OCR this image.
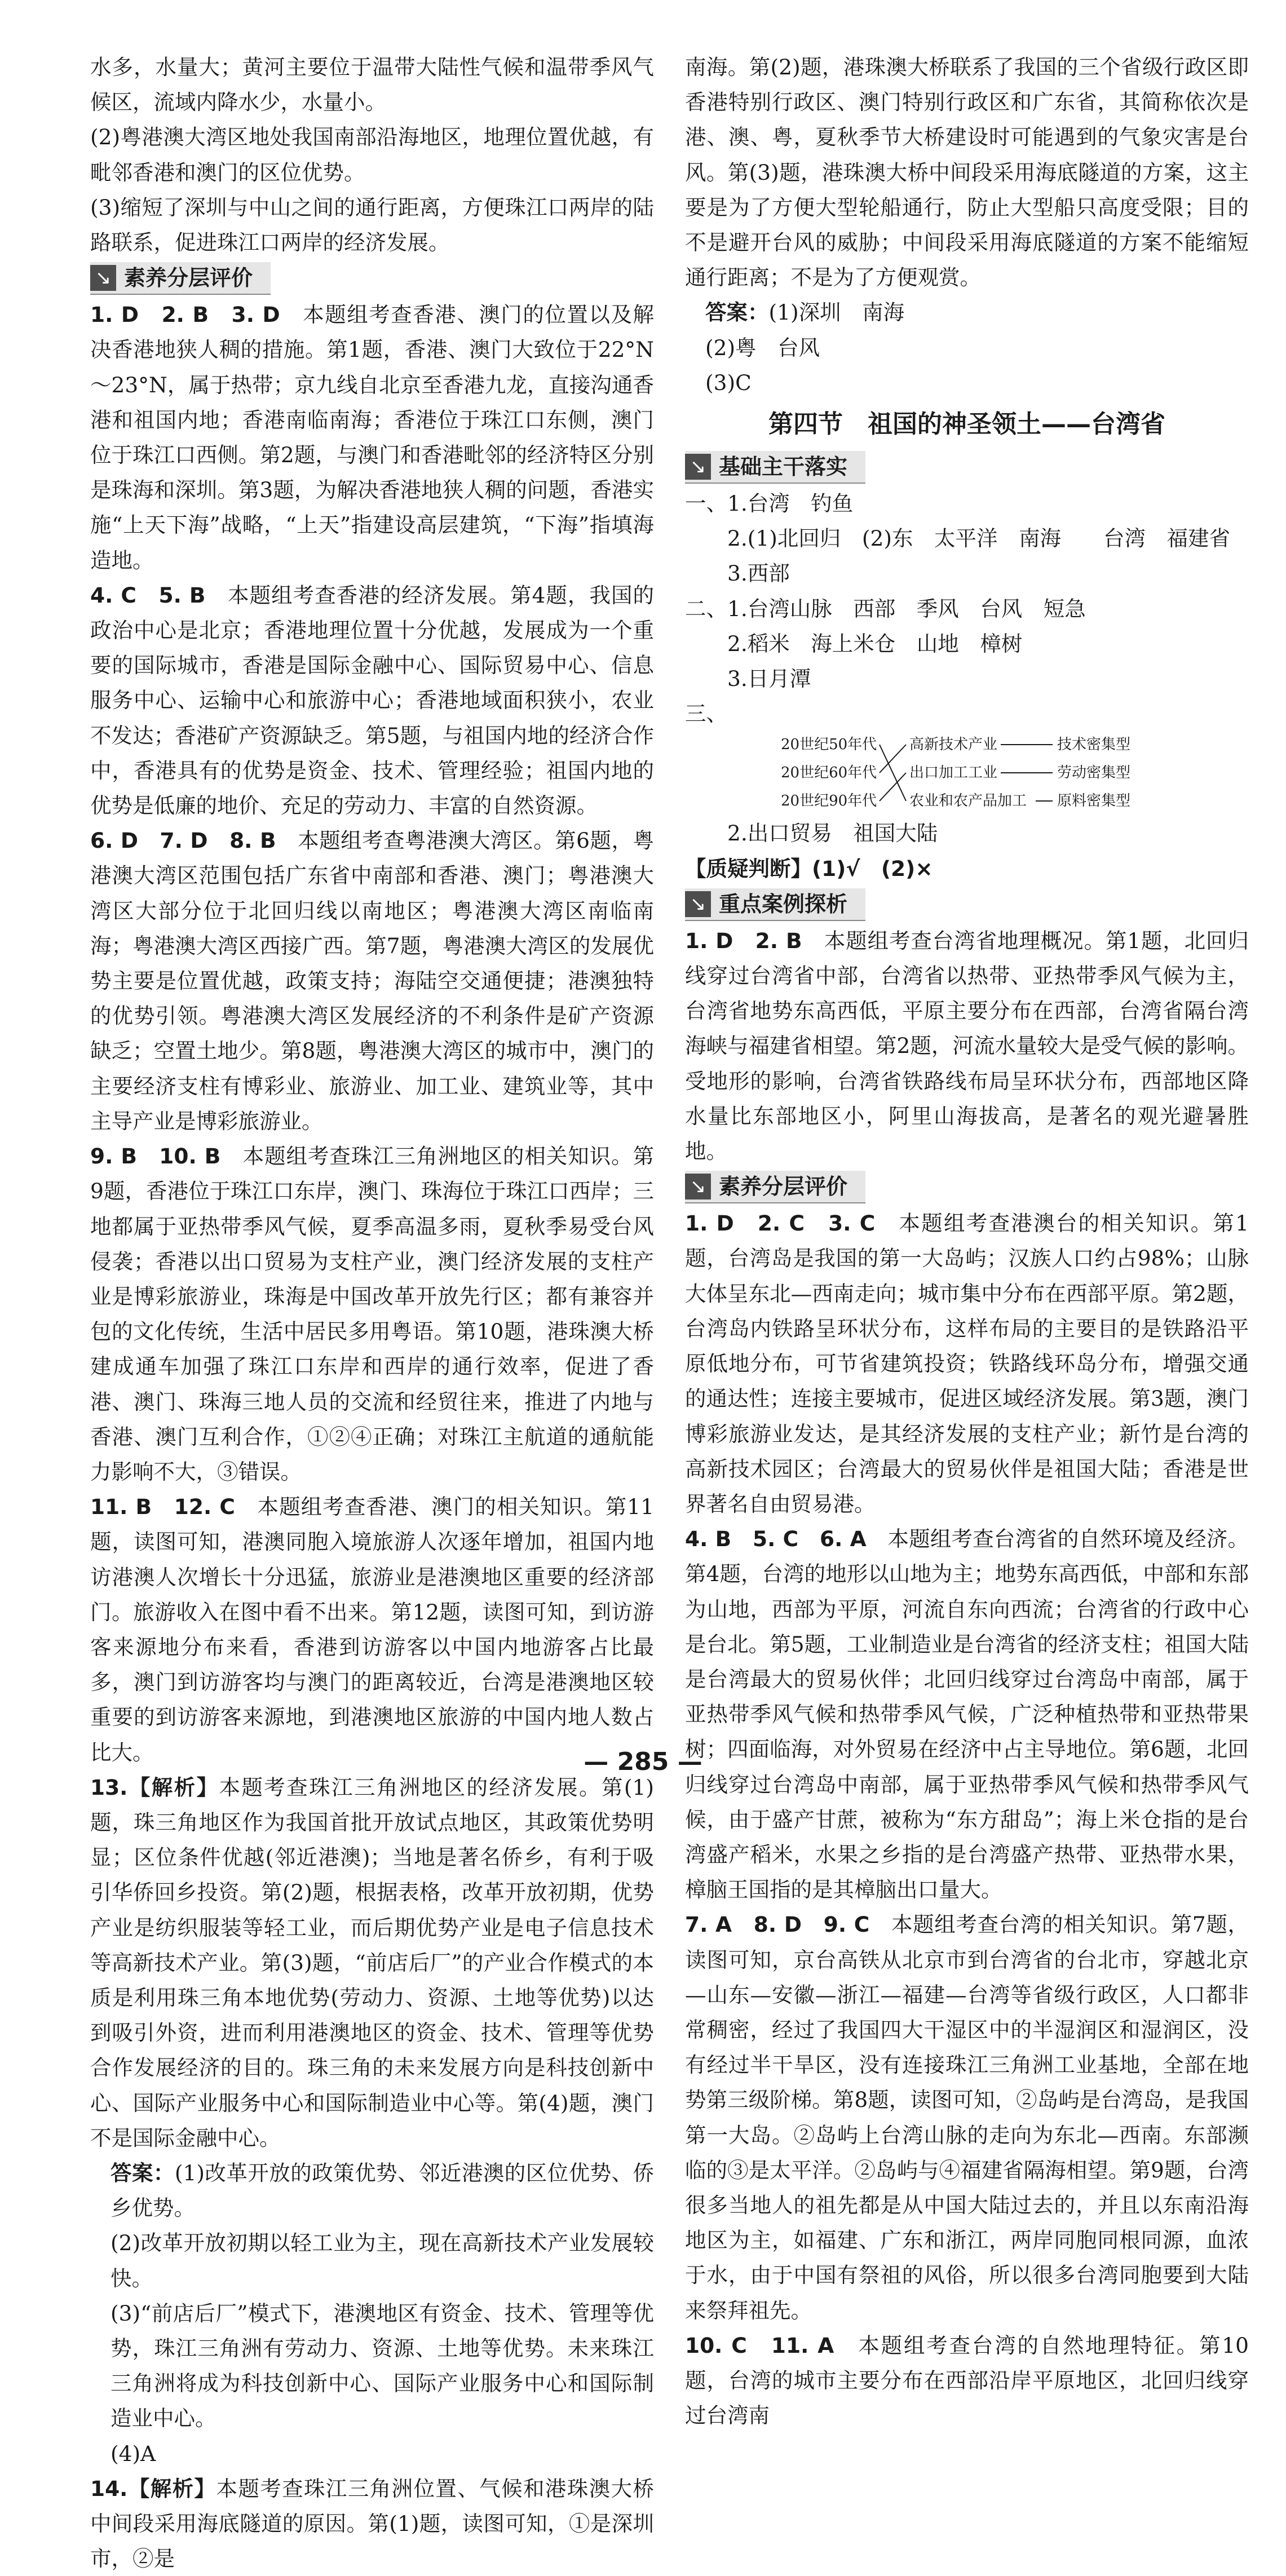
水多，水量大；黄河主要位于温带大陆性气候和温带季风气候区，流域内降水少，水量小。

(2)粤港澳大湾区地处我国南部沿海地区，地理位置优越，有毗邻香港和澳门的区位优势。

(3)缩短了深圳与中山之间的通行距离，方便珠江口两岸的陆路联系，促进珠江口两岸的经济发展。

↘ 素养分层评价

1. D　2. B　3. D　本题组考查香港、澳门的位置以及解决香港地狭人稠的措施。第1题，香港、澳门大致位于22°N～23°N，属于热带；京九线自北京至香港九龙，直接沟通香港和祖国内地；香港南临南海；香港位于珠江口东侧，澳门位于珠江口西侧。第2题，与澳门和香港毗邻的经济特区分别是珠海和深圳。第3题，为解决香港地狭人稠的问题，香港实施“上天下海”战略，“上天”指建设高层建筑，“下海”指填海造地。

4. C　5. B　本题组考查香港的经济发展。第4题，我国的政治中心是北京；香港地理位置十分优越，发展成为一个重要的国际城市，香港是国际金融中心、国际贸易中心、信息服务中心、运输中心和旅游中心；香港地域面积狭小，农业不发达；香港矿产资源缺乏。第5题，与祖国内地的经济合作中，香港具有的优势是资金、技术、管理经验；祖国内地的优势是低廉的地价、充足的劳动力、丰富的自然资源。

6. D　7. D　8. B　本题组考查粤港澳大湾区。第6题，粤港澳大湾区范围包括广东省中南部和香港、澳门；粤港澳大湾区大部分位于北回归线以南地区；粤港澳大湾区南临南海；粤港澳大湾区西接广西。第7题，粤港澳大湾区的发展优势主要是位置优越，政策支持；海陆空交通便捷；港澳独特的优势引领。粤港澳大湾区发展经济的不利条件是矿产资源缺乏；空置土地少。第8题，粤港澳大湾区的城市中，澳门的主要经济支柱有博彩业、旅游业、加工业、建筑业等，其中主导产业是博彩旅游业。

9. B　10. B　本题组考查珠江三角洲地区的相关知识。第9题，香港位于珠江口东岸，澳门、珠海位于珠江口西岸；三地都属于亚热带季风气候，夏季高温多雨，夏秋季易受台风侵袭；香港以出口贸易为支柱产业，澳门经济发展的支柱产业是博彩旅游业，珠海是中国改革开放先行区；都有兼容并包的文化传统，生活中居民多用粤语。第10题，港珠澳大桥建成通车加强了珠江口东岸和西岸的通行效率，促进了香港、澳门、珠海三地人员的交流和经贸往来，推进了内地与香港、澳门互利合作，①②④正确；对珠江主航道的通航能力影响不大，③错误。

11. B　12. C　本题组考查香港、澳门的相关知识。第11题，读图可知，港澳同胞入境旅游人次逐年增加，祖国内地访港澳人次增长十分迅猛，旅游业是港澳地区重要的经济部门。旅游收入在图中看不出来。第12题，读图可知，到访游客来源地分布来看，香港到访游客以中国内地游客占比最多，澳门到访游客均与澳门的距离较近，台湾是港澳地区较重要的到访游客来源地，到港澳地区旅游的中国内地人数占比大。

13.【解析】本题考查珠江三角洲地区的经济发展。第(1)题，珠三角地区作为我国首批开放试点地区，其政策优势明显；区位条件优越(邻近港澳)；当地是著名侨乡，有利于吸引华侨回乡投资。第(2)题，根据表格，改革开放初期，优势产业是纺织服装等轻工业，而后期优势产业是电子信息技术等高新技术产业。第(3)题，“前店后厂”的产业合作模式的本质是利用珠三角本地优势(劳动力、资源、土地等优势)以达到吸引外资，进而利用港澳地区的资金、技术、管理等优势合作发展经济的目的。珠三角的未来发展方向是科技创新中心、国际产业服务中心和国际制造业中心等。第(4)题，澳门不是国际金融中心。

答案：(1)改革开放的政策优势、邻近港澳的区位优势、侨乡优势。

(2)改革开放初期以轻工业为主，现在高新技术产业发展较快。

(3)“前店后厂”模式下，港澳地区有资金、技术、管理等优势，珠江三角洲有劳动力、资源、土地等优势。未来珠江三角洲将成为科技创新中心、国际产业服务中心和国际制造业中心。

(4)A

14.【解析】本题考查珠江三角洲位置、气候和港珠澳大桥中间段采用海底隧道的原因。第(1)题，读图可知，①是深圳市，②是

南海。第(2)题，港珠澳大桥联系了我国的三个省级行政区即香港特别行政区、澳门特别行政区和广东省，其简称依次是港、澳、粤，夏秋季节大桥建设时可能遇到的气象灾害是台风。第(3)题，港珠澳大桥中间段采用海底隧道的方案，这主要是为了方便大型轮船通行，防止大型船只高度受限；目的不是避开台风的威胁；中间段采用海底隧道的方案不能缩短通行距离；不是为了方便观赏。

答案：(1)深圳　南海

(2)粤　台风

(3)C

第四节　祖国的神圣领土——台湾省
↘ 基础主干落实

一、1.台湾　钓鱼

2.(1)北回归　(2)东　太平洋　南海　　台湾　福建省

3.西部

二、1.台湾山脉　西部　季风　台风　短急

2.稻米　海上米仓　山地　樟树

3.日月潭

三、

20世纪50年代
20世纪60年代
20世纪90年代
高新技术产业
出口加工工业
农业和农产品加工
技术密集型
劳动密集型
原料密集型

2.出口贸易　祖国大陆

【质疑判断】(1)√　(2)×

↘ 重点案例探析

1. D　2. B　本题组考查台湾省地理概况。第1题，北回归线穿过台湾省中部，台湾省以热带、亚热带季风气候为主，台湾省地势东高西低，平原主要分布在西部，台湾省隔台湾海峡与福建省相望。第2题，河流水量较大是受气候的影响。受地形的影响，台湾省铁路线布局呈环状分布，西部地区降水量比东部地区小，阿里山海拔高，是著名的观光避暑胜地。

↘ 素养分层评价

1. D　2. C　3. C　本题组考查港澳台的相关知识。第1题，台湾岛是我国的第一大岛屿；汉族人口约占98%；山脉大体呈东北—西南走向；城市集中分布在西部平原。第2题，台湾岛内铁路呈环状分布，这样布局的主要目的是铁路沿平原低地分布，可节省建筑投资；铁路线环岛分布，增强交通的通达性；连接主要城市，促进区域经济发展。第3题，澳门博彩旅游业发达，是其经济发展的支柱产业；新竹是台湾的高新技术园区；台湾最大的贸易伙伴是祖国大陆；香港是世界著名自由贸易港。

4. B　5. C　6. A　本题组考查台湾省的自然环境及经济。第4题，台湾的地形以山地为主；地势东高西低，中部和东部为山地，西部为平原，河流自东向西流；台湾省的行政中心是台北。第5题，工业制造业是台湾省的经济支柱；祖国大陆是台湾最大的贸易伙伴；北回归线穿过台湾岛中南部，属于亚热带季风气候和热带季风气候，广泛种植热带和亚热带果树；四面临海，对外贸易在经济中占主导地位。第6题，北回归线穿过台湾岛中南部，属于亚热带季风气候和热带季风气候，由于盛产甘蔗，被称为“东方甜岛”；海上米仓指的是台湾盛产稻米，水果之乡指的是台湾盛产热带、亚热带水果，樟脑王国指的是其樟脑出口量大。

7. A　8. D　9. C　本题组考查台湾的相关知识。第7题，读图可知，京台高铁从北京市到台湾省的台北市，穿越北京—山东—安徽—浙江—福建—台湾等省级行政区，人口都非常稠密，经过了我国四大干湿区中的半湿润区和湿润区，没有经过半干旱区，没有连接珠江三角洲工业基地，全部在地势第三级阶梯。第8题，读图可知，②岛屿是台湾岛，是我国第一大岛。②岛屿上台湾山脉的走向为东北—西南。东部濒临的③是太平洋。②岛屿与④福建省隔海相望。第9题，台湾很多当地人的祖先都是从中国大陆过去的，并且以东南沿海地区为主，如福建、广东和浙江，两岸同胞同根同源，血浓于水，由于中国有祭祖的风俗，所以很多台湾同胞要到大陆来祭拜祖先。

10. C　11. A　本题组考查台湾的自然地理特征。第10题，台湾的城市主要分布在西部沿岸平原地区，北回归线穿过台湾南

— 285 —
